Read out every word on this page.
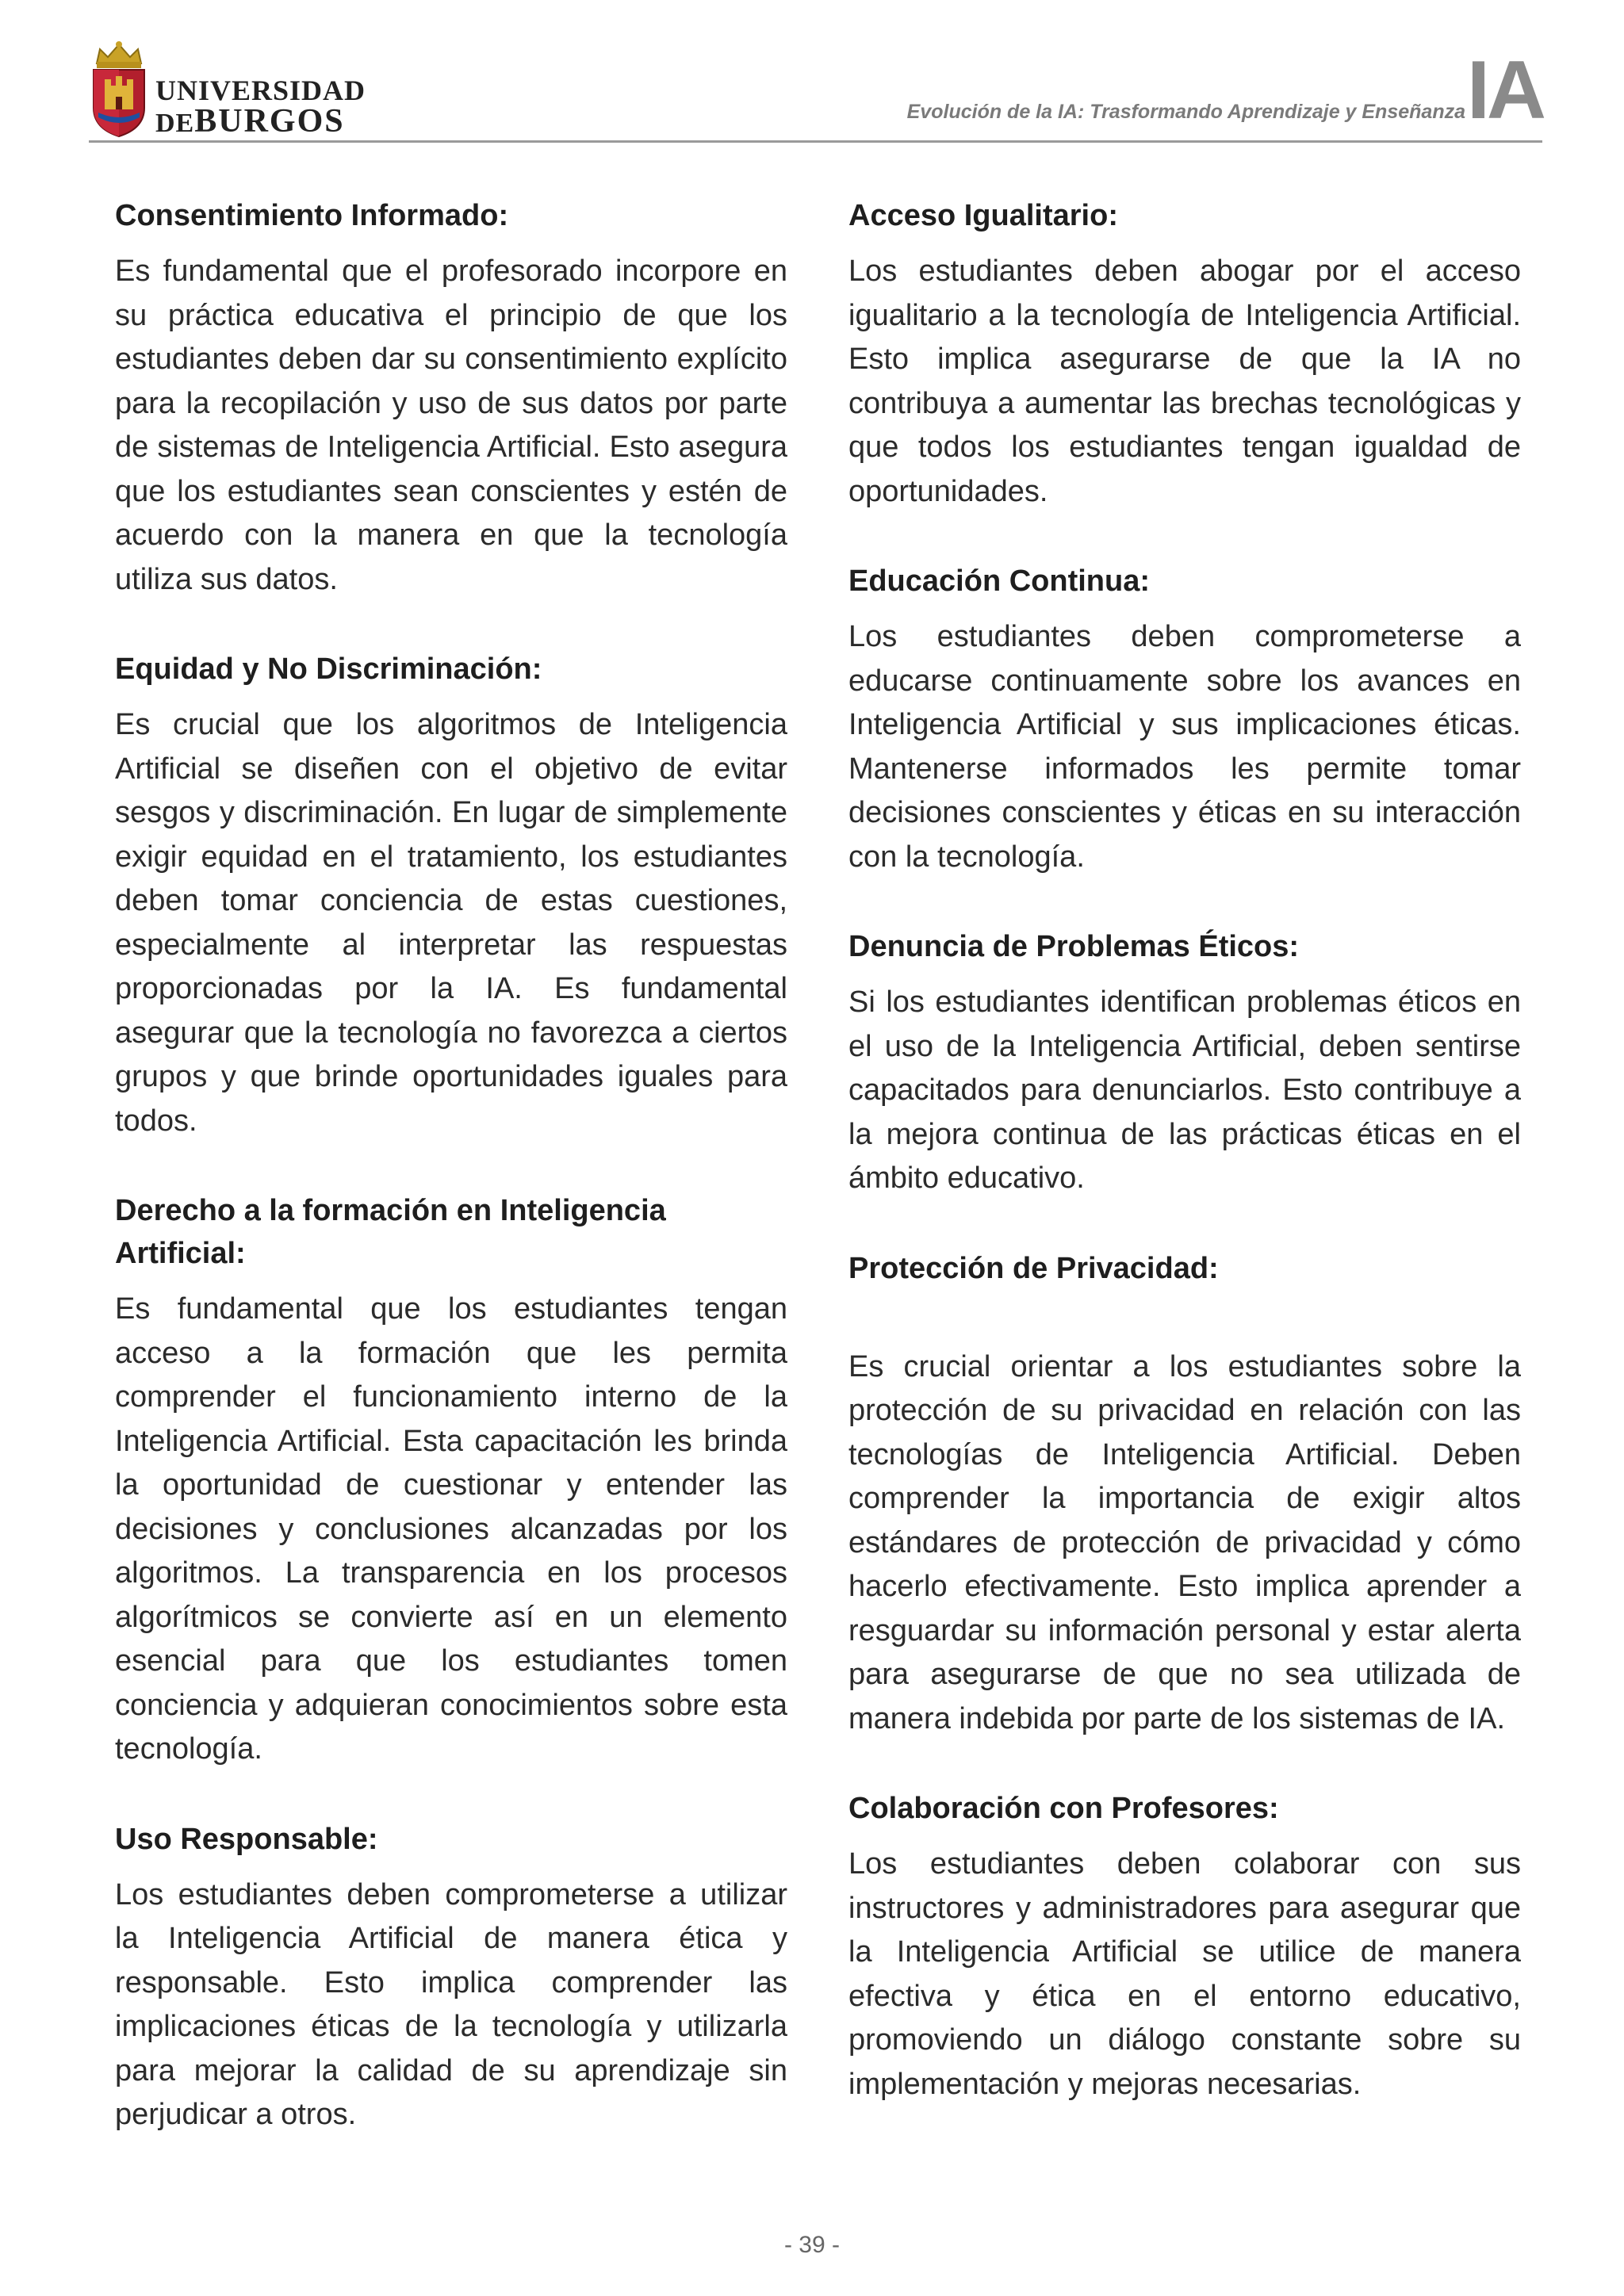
UNIVERSIDAD
DEBURGOS	Evolución de la IA: Trasformando Aprendizaje y Enseñanza IA
Consentimiento Informado:
Es fundamental que el profesorado incorpore en su práctica educativa el principio de que los estudiantes deben dar su consentimiento explícito para la recopilación y uso de sus datos por parte de sistemas de Inteligencia Artificial. Esto asegura que los estudiantes sean conscientes y estén de acuerdo con la manera en que la tecnología utiliza sus datos.
Equidad y No Discriminación:
Es crucial que los algoritmos de Inteligencia Artificial se diseñen con el objetivo de evitar sesgos y discriminación. En lugar de simplemente exigir equidad en el tratamiento, los estudiantes deben tomar conciencia de estas cuestiones, especialmente al interpretar las respuestas proporcionadas por la IA. Es fundamental asegurar que la tecnología no favorezca a ciertos grupos y que brinde oportunidades iguales para todos.
Derecho a la formación en Inteligencia Artificial:
Es fundamental que los estudiantes tengan acceso a la formación que les permita comprender el funcionamiento interno de la Inteligencia Artificial. Esta capacitación les brinda la oportunidad de cuestionar y entender las decisiones y conclusiones alcanzadas por los algoritmos. La transparencia en los procesos algorítmicos se convierte así en un elemento esencial para que los estudiantes tomen conciencia y adquieran conocimientos sobre esta tecnología.
Uso Responsable:
Los estudiantes deben comprometerse a utilizar la Inteligencia Artificial de manera ética y responsable. Esto implica comprender las implicaciones éticas de la tecnología y utilizarla para mejorar la calidad de su aprendizaje sin perjudicar a otros.
Acceso Igualitario:
Los estudiantes deben abogar por el acceso igualitario a la tecnología de Inteligencia Artificial. Esto implica asegurarse de que la IA no contribuya a aumentar las brechas tecnológicas y que todos los estudiantes tengan igualdad de oportunidades.
Educación Continua:
Los estudiantes deben comprometerse a educarse continuamente sobre los avances en Inteligencia Artificial y sus implicaciones éticas. Mantenerse informados les permite tomar decisiones conscientes y éticas en su interacción con la tecnología.
Denuncia de Problemas Éticos:
Si los estudiantes identifican problemas éticos en el uso de la Inteligencia Artificial, deben sentirse capacitados para denunciarlos. Esto contribuye a la mejora continua de las prácticas éticas en el ámbito educativo.
Protección de Privacidad:
Es crucial orientar a los estudiantes sobre la protección de su privacidad en relación con las tecnologías de Inteligencia Artificial. Deben comprender la importancia de exigir altos estándares de protección de privacidad y cómo hacerlo efectivamente. Esto implica aprender a resguardar su información personal y estar alerta para asegurarse de que no sea utilizada de manera indebida por parte de los sistemas de IA.
Colaboración con Profesores:
Los estudiantes deben colaborar con sus instructores y administradores para asegurar que la Inteligencia Artificial se utilice de manera efectiva y ética en el entorno educativo, promoviendo un diálogo constante sobre su implementación y mejoras necesarias.
- 39 -
